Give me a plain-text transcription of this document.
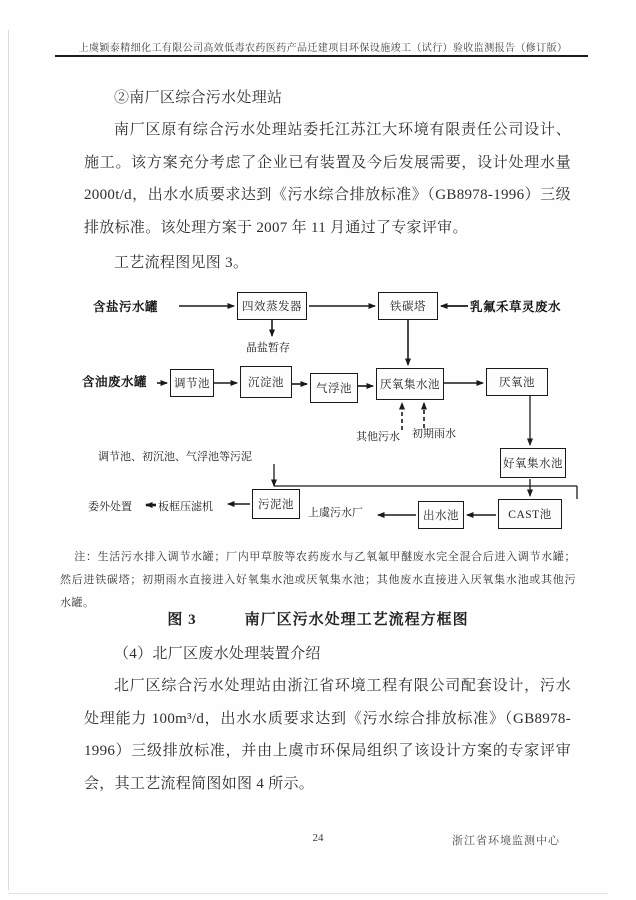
上虞颖泰精细化工有限公司高效低毒农药医药产品迁建项目环保设施竣工（试行）验收监测报告（修订版）
②南厂区综合污水处理站
南厂区原有综合污水处理站委托江苏江大环境有限责任公司设计、施工。该方案充分考虑了企业已有装置及今后发展需要，设计处理水量2000t/d，出水水质要求达到《污水综合排放标准》（GB8978-1996）三级排放标准。该处理方案于 2007 年 11 月通过了专家评审。
工艺流程图见图 3。
含盐污水罐	四效蒸发器	铁碳塔	乳氟禾草灵废水
晶盐暂存
含油废水罐	调节池	沉淀池	气浮池	厌氧集水池	厌氧池
其他污水	初期雨水
调节池、初沉池、气浮池等污泥
好氧集水池
污泥池
板框压滤机
委外处置
CAST池
出水池
上虞污水厂
注：生活污水排入调节水罐；厂内甲草胺等农药废水与乙氧氟甲醚废水完全混合后进入调节水罐；然后进铁碳塔；初期雨水直接进入好氧集水池或厌氧集水池；其他废水直接进入厌氧集水池或其他污水罐。
图 3　　　南厂区污水处理工艺流程方框图
（4）北厂区废水处理装置介绍
北厂区综合污水处理站由浙江省环境工程有限公司配套设计，污水处理能力 100m³/d，出水水质要求达到《污水综合排放标准》（GB8978-1996）三级排放标准，并由上虞市环保局组织了该设计方案的专家评审会，其工艺流程简图如图 4 所示。
24	浙江省环境监测中心
